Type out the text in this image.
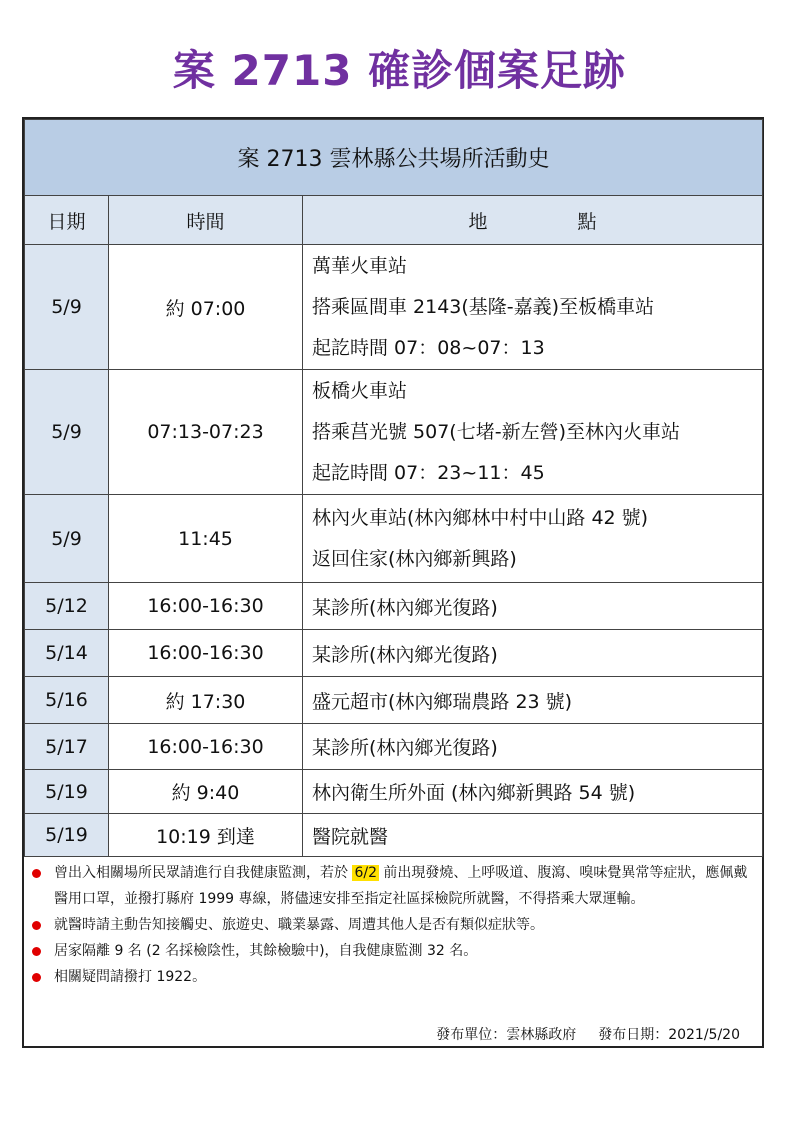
案 2713 確診個案足跡
案 2713 雲林縣公共場所活動史		
日期	時間	地 點
5/9	約 07:00	萬華火車站
搭乘區間車 2143(基隆-嘉義)至板橋車站
起訖時間 07：08~07：13

5/9	07:13-07:23	板橋火車站
搭乘莒光號 507(七堵-新左營)至林內火車站
起訖時間 07：23~11：45

5/9	11:45	林內火車站(林內鄉林中村中山路 42 號)
返回住家(林內鄉新興路)

5/12	16:00-16:30	某診所(林內鄉光復路)
5/14	16:00-16:30	某診所(林內鄉光復路)
5/16	約 17:30	盛元超市(林內鄉瑞農路 23 號)
5/17	16:00-16:30	某診所(林內鄉光復路)
5/19	約 9:40	林內衛生所外面 (林內鄉新興路 54 號)
5/19	10:19 到達	醫院就醫
曾出入相關場所民眾請進行自我健康監測，若於 6/2 前出現發燒、上呼吸道、腹瀉、嗅味覺異常等症狀，應佩戴醫用口罩，並撥打縣府 1999 專線，將儘速安排至指定社區採檢院所就醫，不得搭乘大眾運輸。
就醫時請主動告知接觸史、旅遊史、職業暴露、周遭其他人是否有類似症狀等。
居家隔離 9 名 (2 名採檢陰性，其餘檢驗中)，自我健康監測 32 名。
相關疑問請撥打 1922。
發布單位：雲林縣政府 發布日期：2021/5/20
